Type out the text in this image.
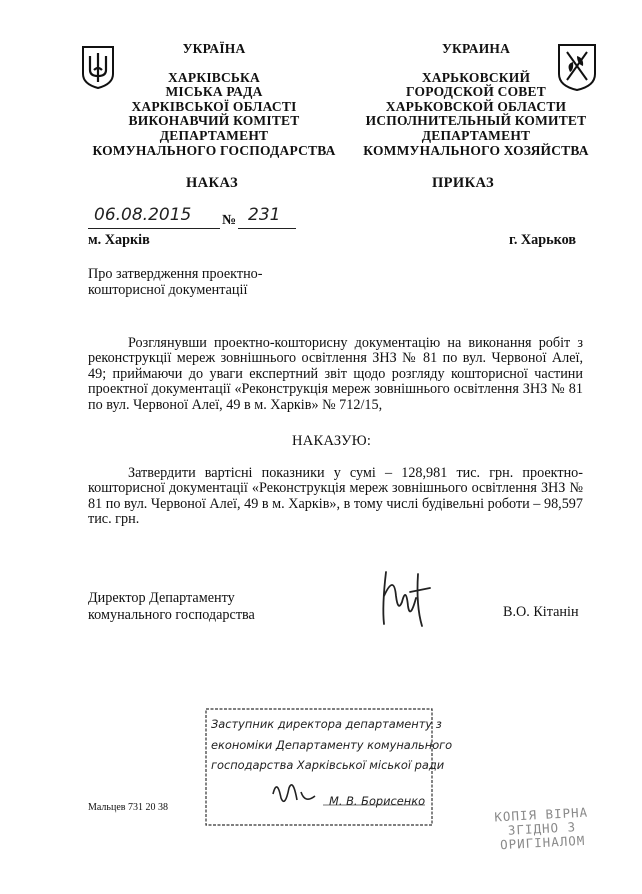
УКРАЇНА
ХАРКІВСЬКА
МІСЬКА РАДА
ХАРКІВСЬКОЇ ОБЛАСТІ
ВИКОНАВЧИЙ КОМІТЕТ
ДЕПАРТАМЕНТ
КОМУНАЛЬНОГО ГОСПОДАРСТВА
УКРАИНА
ХАРЬКОВСКИЙ
ГОРОДСКОЙ СОВЕТ
ХАРЬКОВСКОЙ ОБЛАСТИ
ИСПОЛНИТЕЛЬНЫЙ КОМИТЕТ
ДЕПАРТАМЕНТ
КОММУНАЛЬНОГО ХОЗЯЙСТВА
НАКАЗ	ПРИКАЗ
06.08.2015 № 231
м. Харків	г. Харьков
Про затвердження проектно-
кошторисної документації
Розглянувши проектно-кошторисну документацію на виконання робіт з реконструкції мереж зовнішнього освітлення ЗНЗ № 81 по вул. Червоної Алеї, 49; приймаючи до уваги експертний звіт щодо розгляду кошторисної частини проектної документації «Реконструкція мереж зовнішнього освітлення ЗНЗ № 81 по вул. Червоної Алеї, 49 в м. Харків» № 712/15,
НАКАЗУЮ:
Затвердити вартісні показники у сумі – 128,981 тис. грн. проектно-кошторисної документації «Реконструкція мереж зовнішнього освітлення ЗНЗ № 81 по вул. Червоної Алеї, 49 в м. Харків», в тому числі будівельні роботи – 98,597 тис. грн.
Директор Департаменту
комунального господарства	В.О. Кітанін
Заступник директора департаменту з
економіки Департаменту комунального
господарства Харківської міської ради
М. В. Борисенко
Мальцев 731 20 38	КОПІЯ ВІРНА
ЗГІДНО З
ОРИГІНАЛОМ
